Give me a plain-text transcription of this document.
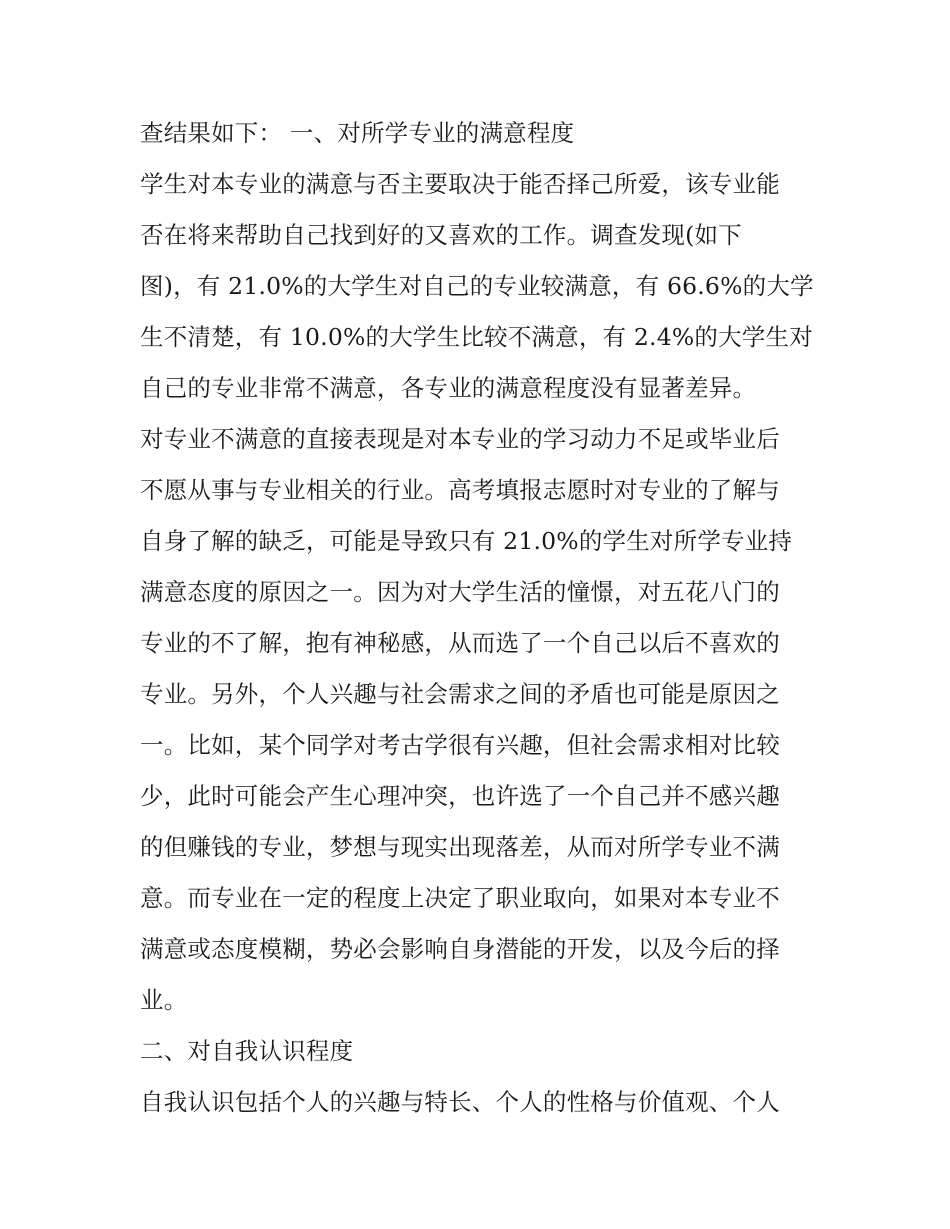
查结果如下： 一、对所学专业的满意程度
学生对本专业的满意与否主要取决于能否择己所爱，该专业能
否在将来帮助自己找到好的又喜欢的工作。调查发现(如下
图)，有 21.0%的大学生对自己的专业较满意，有 66.6%的大学
生不清楚，有 10.0%的大学生比较不满意，有 2.4%的大学生对
自己的专业非常不满意，各专业的满意程度没有显著差异。
对专业不满意的直接表现是对本专业的学习动力不足或毕业后
不愿从事与专业相关的行业。高考填报志愿时对专业的了解与
自身了解的缺乏，可能是导致只有 21.0%的学生对所学专业持
满意态度的原因之一。因为对大学生活的憧憬，对五花八门的
专业的不了解，抱有神秘感，从而选了一个自己以后不喜欢的
专业。另外，个人兴趣与社会需求之间的矛盾也可能是原因之
一。比如，某个同学对考古学很有兴趣，但社会需求相对比较
少，此时可能会产生心理冲突，也许选了一个自己并不感兴趣
的但赚钱的专业，梦想与现实出现落差，从而对所学专业不满
意。而专业在一定的程度上决定了职业取向，如果对本专业不
满意或态度模糊，势必会影响自身潜能的开发，以及今后的择
业。
二、对自我认识程度
自我认识包括个人的兴趣与特长、个人的性格与价值观、个人
